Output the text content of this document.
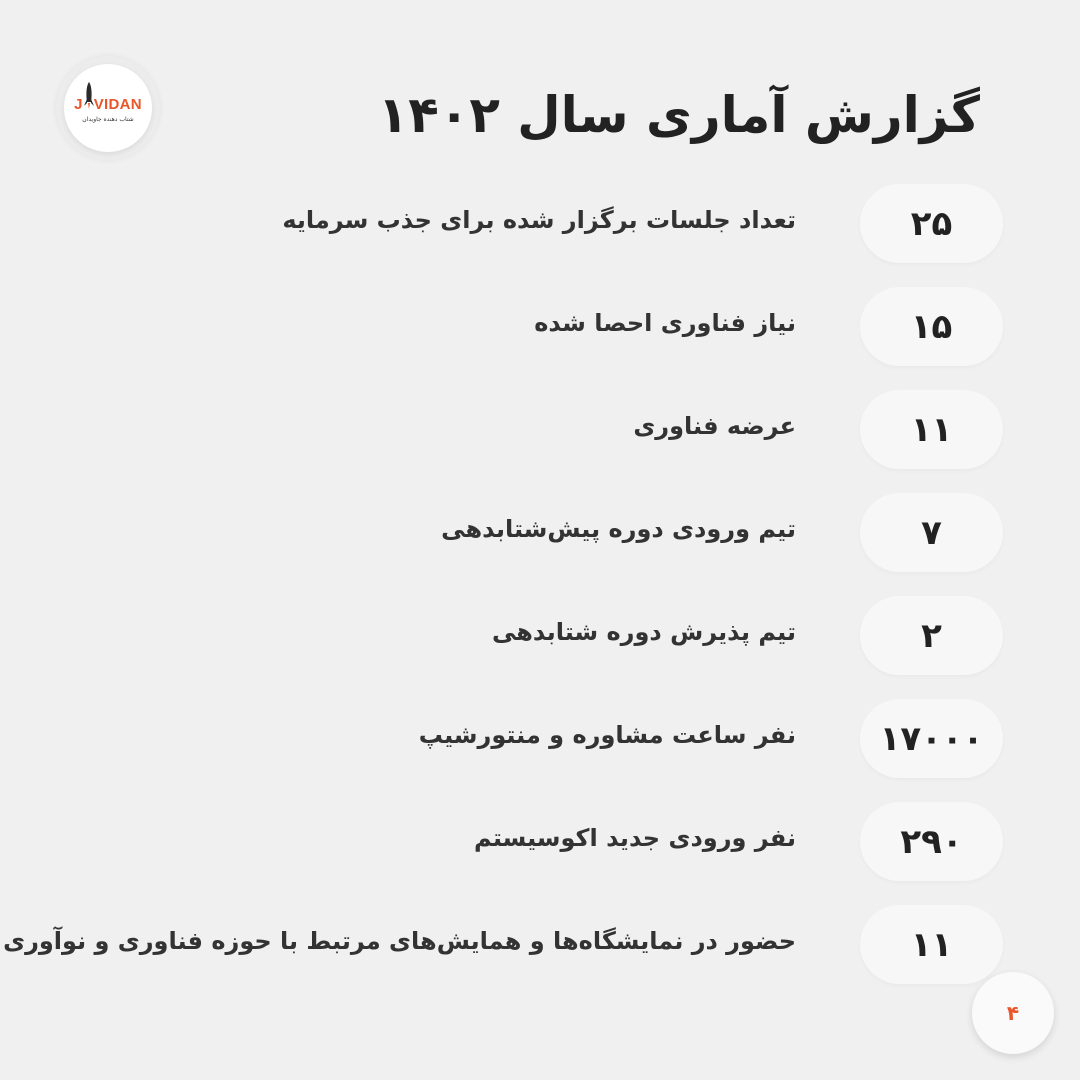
J VIDAN
شتاب دهنده جاویدان	گزارش آماری سال ۱۴۰۲
۲۵
تعداد جلسات برگزار شده برای جذب سرمایه
۱۵
نیاز فناوری احصا شده
۱۱
عرضه فناوری
۷
تیم ورودی دوره پیش‌شتابدهی
۲
تیم پذیرش دوره شتابدهی
۱۷۰۰۰
نفر ساعت مشاوره و منتورشیپ
۲۹۰
نفر ورودی جدید اکوسیستم
۱۱
حضور در نمایشگاه‌ها و همایش‌های مرتبط با حوزه فناوری و نوآوری
۴
